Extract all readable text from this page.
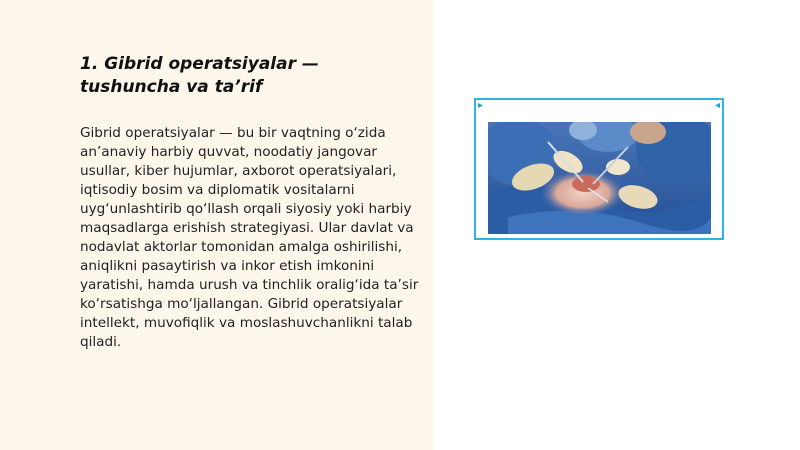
1. Gibrid operatsiyalar — tushuncha va ta’rif

Gibrid operatsiyalar — bu bir vaqtning o‘zida an’anaviy harbiy quvvat, noodatiy jangovar usullar, kiber hujumlar, axborot operatsiyalari, iqtisodiy bosim va diplomatik vositalarni uyg‘unlashtirib qo‘llash orqali siyosiy yoki harbiy maqsadlarga erishish strategiyasi. Ular davlat va nodavlat aktorlar tomonidan amalga oshirilishi, aniqlikni pasaytirish va inkor etish imkonini yaratishi, hamda urush va tinchlik oralig‘ida ta’sir ko‘rsatishga mo‘ljallangan. Gibrid operatsiyalar intellekt, muvofiqlik va moslashuvchanlikni talab qiladi.
